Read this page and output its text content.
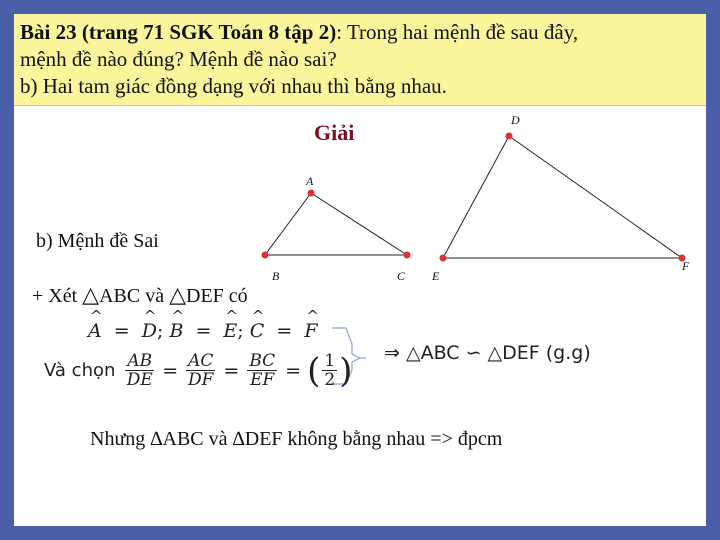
Bài 23 (trang 71 SGK Toán 8 tập 2): Trong hai mệnh đề sau đây,
mệnh đề nào đúng? Mệnh đề nào sai?
b) Hai tam giác đồng dạng với nhau thì bằng nhau.
Giải
A
B	C
D
E
F
b) Mệnh đề Sai
+ Xét △ABC và △DEF có
A
^
= D
^
; B
^
= E
^
; C
^
= F
^
Và chọn $\frac{AB}{DE} = \frac{AC}{DF} = \frac{BC}{EF}$ = ( $\frac{1}{2}$ ) ⇒ △ABC ∽ △DEF (g.g)
Nhưng ∆ABC và ∆DEF không bằng nhau => đpcm
